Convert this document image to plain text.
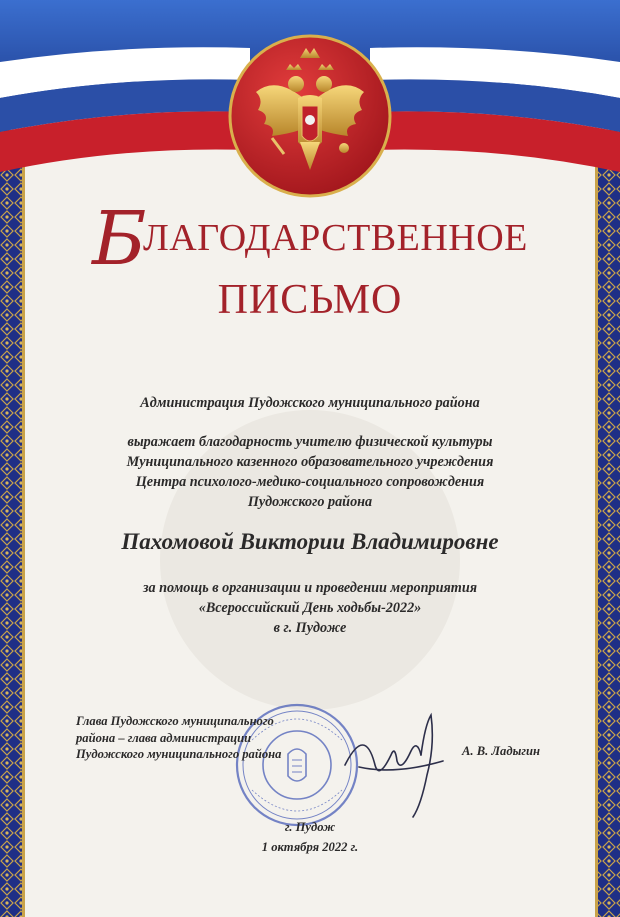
БЛАГОДАРСТВЕННОЕ
ПИСЬМО
Администрация Пудожского муниципального района
выражает благодарность учителю физической культуры
Муниципального казенного образовательного учреждения
Центра психолого-медико-социального сопровождения
Пудожского района
Пахомовой Виктории Владимировне
за помощь в организации и проведении мероприятия
«Всероссийский День ходьбы-2022»
в г. Пудоже
Глава Пудожского муниципального
района – глава администрации
Пудожского муниципального района	А. В. Ладыгин
г. Пудож
1 октября 2022 г.
